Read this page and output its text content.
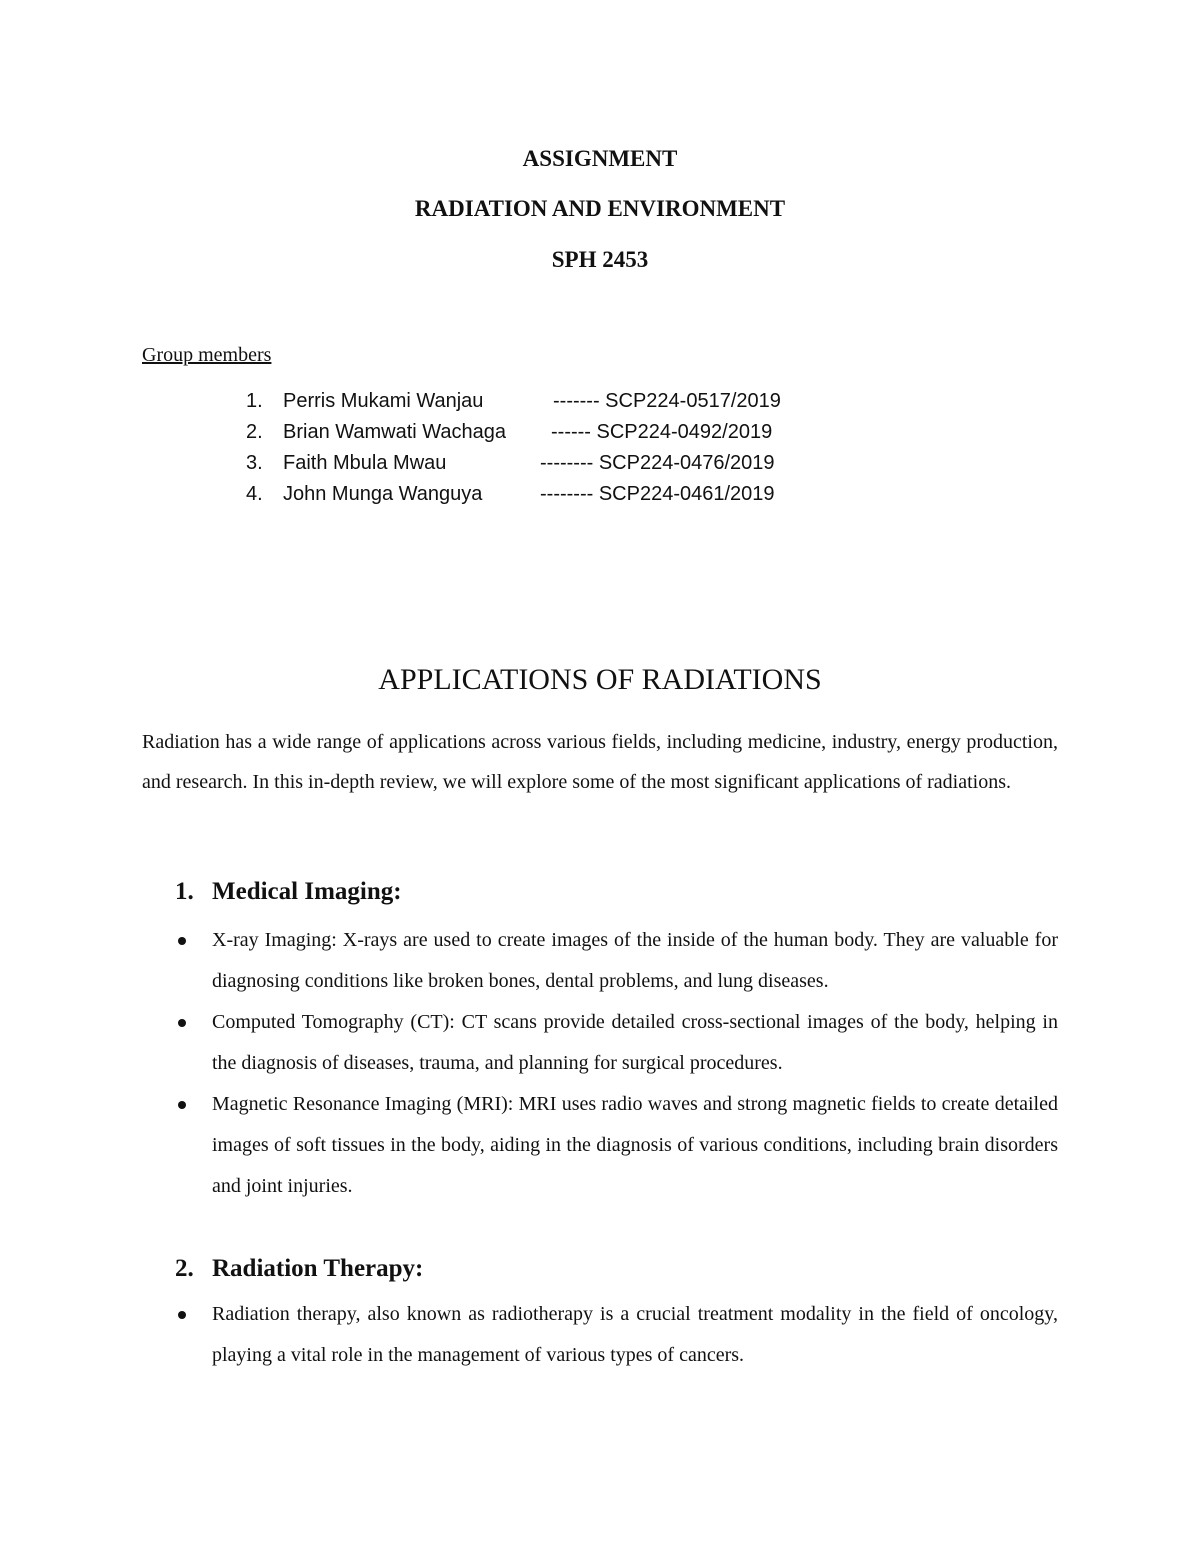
ASSIGNMENT
RADIATION AND ENVIRONMENT
SPH 2453
Group members
1. Perris Mukami Wanjau	------- SCP224-0517/2019
2. Brian Wamwati Wachaga ------ SCP224-0492/2019
3. Faith Mbula Mwau	-------- SCP224-0476/2019
4. John Munga Wanguya	-------- SCP224-0461/2019
APPLICATIONS OF RADIATIONS

Radiation has a wide range of applications across various fields, including medicine, industry, energy production, and research. In this in-depth review, we will explore some of the most significant applications of radiations.

1. Medical Imaging:
X-ray Imaging: X-rays are used to create images of the inside of the human body. They are valuable for diagnosing conditions like broken bones, dental problems, and lung diseases.
Computed Tomography (CT): CT scans provide detailed cross-sectional images of the body, helping in the diagnosis of diseases, trauma, and planning for surgical procedures.
Magnetic Resonance Imaging (MRI): MRI uses radio waves and strong magnetic fields to create detailed images of soft tissues in the body, aiding in the diagnosis of various conditions, including brain disorders and joint injuries.
2. Radiation Therapy:
Radiation therapy, also known as radiotherapy is a crucial treatment modality in the field of oncology, playing a vital role in the management of various types of cancers.
